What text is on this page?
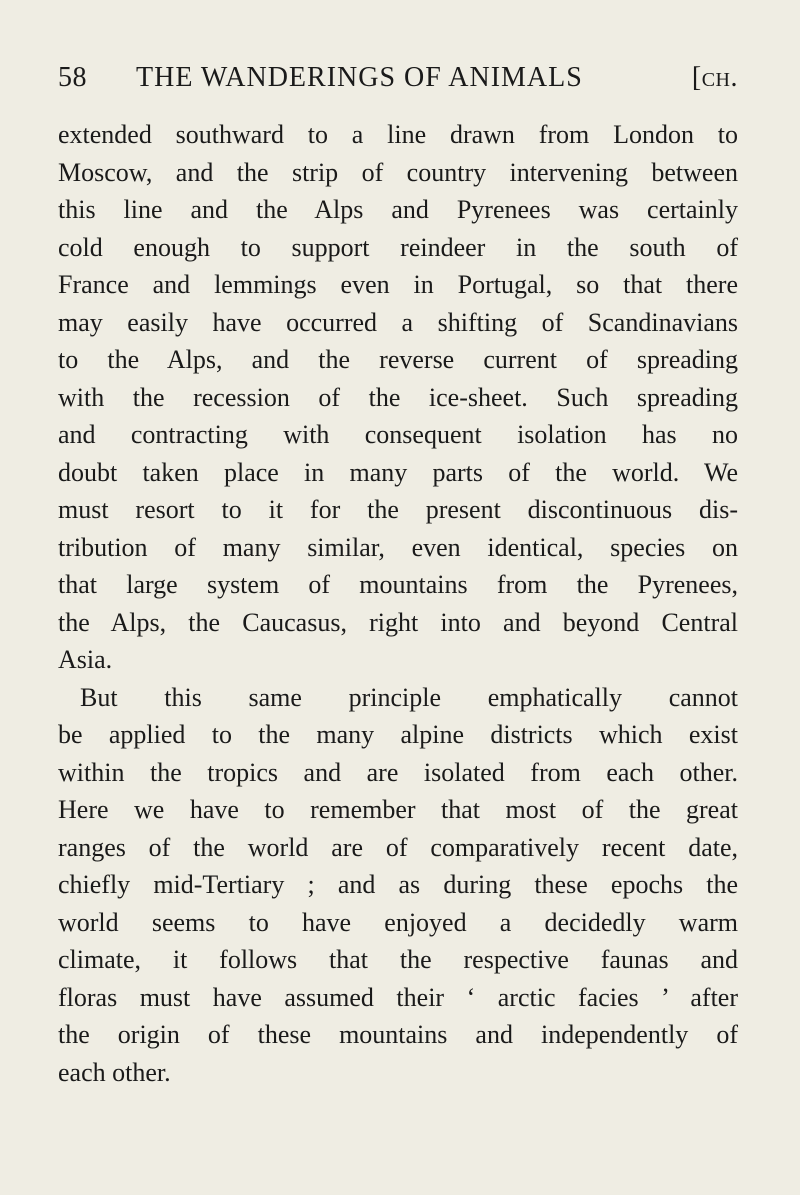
58	THE WANDERINGS OF ANIMALS	[ch.
extended southward to a line drawn from London to
Moscow, and the strip of country intervening between
this line and the Alps and Pyrenees was certainly
cold enough to support reindeer in the south of
France and lemmings even in Portugal, so that there
may easily have occurred a shifting of Scandinavians
to the Alps, and the reverse current of spreading
with the recession of the ice-sheet. Such spreading
and contracting with consequent isolation has no
doubt taken place in many parts of the world. We
must resort to it for the present discontinuous dis-
tribution of many similar, even identical, species on
that large system of mountains from the Pyrenees,
the Alps, the Caucasus, right into and beyond Central
Asia.
But this same principle emphatically cannot
be applied to the many alpine districts which exist
within the tropics and are isolated from each other.
Here we have to remember that most of the great
ranges of the world are of comparatively recent date,
chiefly mid-Tertiary ; and as during these epochs the
world seems to have enjoyed a decidedly warm
climate, it follows that the respective faunas and
floras must have assumed their ‘ arctic facies ’ after
the origin of these mountains and independently of
each other.
